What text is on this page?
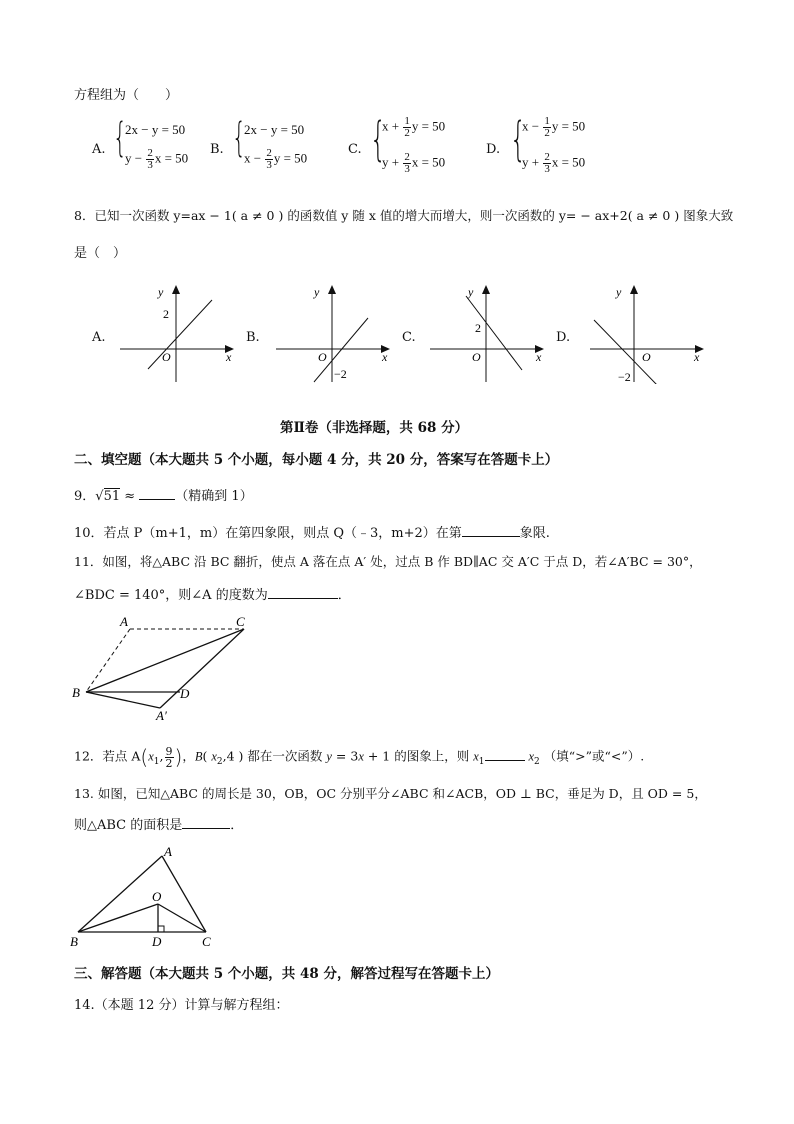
方程组为（　　）
A. {
2x − y = 50
$y - \frac{2}{3}$ x = 50
B. {
2x − y = 50
$x - \frac{2}{3}$ y = 50
C. {
$x + \frac{1}{2}$ y = 50
$y + \frac{2}{3}$ x = 50
D. {
$x - \frac{1}{2}$ y = 50
$y + \frac{2}{3}$ x = 50
8．已知一次函数 y=ax − 1( a ≠ 0 ) 的函数值 y 随 x 值的增大而增大，则一次函数的 y= − ax+2( a ≠ 0 ) 图象大致
是（　）
A.
y
x
O
2
B.
y
x
O
−2
C.
y
x
O
2
D.
y
x
O
−2
第Ⅱ卷（非选择题，共 68 分）
二、填空题（本大题共 5 个小题，每小题 4 分，共 20 分，答案写在答题卡上）
9．√51 ≈	（精确到 1）
10．若点 P（m+1，m）在第四象限，则点 Q（﹣3，m+2）在第	象限.
11．如图，将△ABC 沿 BC 翻折，使点 A 落在点 A′ 处，过点 B 作 BD∥AC 交 A′C 于点 D，若∠A′BC = 30°，
∠BDC = 140°，则∠A 的度数为	．
A	C
B	D
A′
12．若点 $A(x_1$, $\frac{9}{2}$ )，B( $x_2,4$ ) 都在一次函数 y = 3x + 1 的图象上，则 $x_1$	$x_2$ （填“>”或“<”）.
13. 如图，已知△ABC 的周长是 30，OB，OC 分别平分∠ABC 和∠ACB，OD ⊥ BC，垂足为 D，且 OD = 5，
则△ABC 的面积是	．
A
O
B	D	C
三、解答题（本大题共 5 个小题，共 48 分，解答过程写在答题卡上）
14.（本题 12 分）计算与解方程组：
